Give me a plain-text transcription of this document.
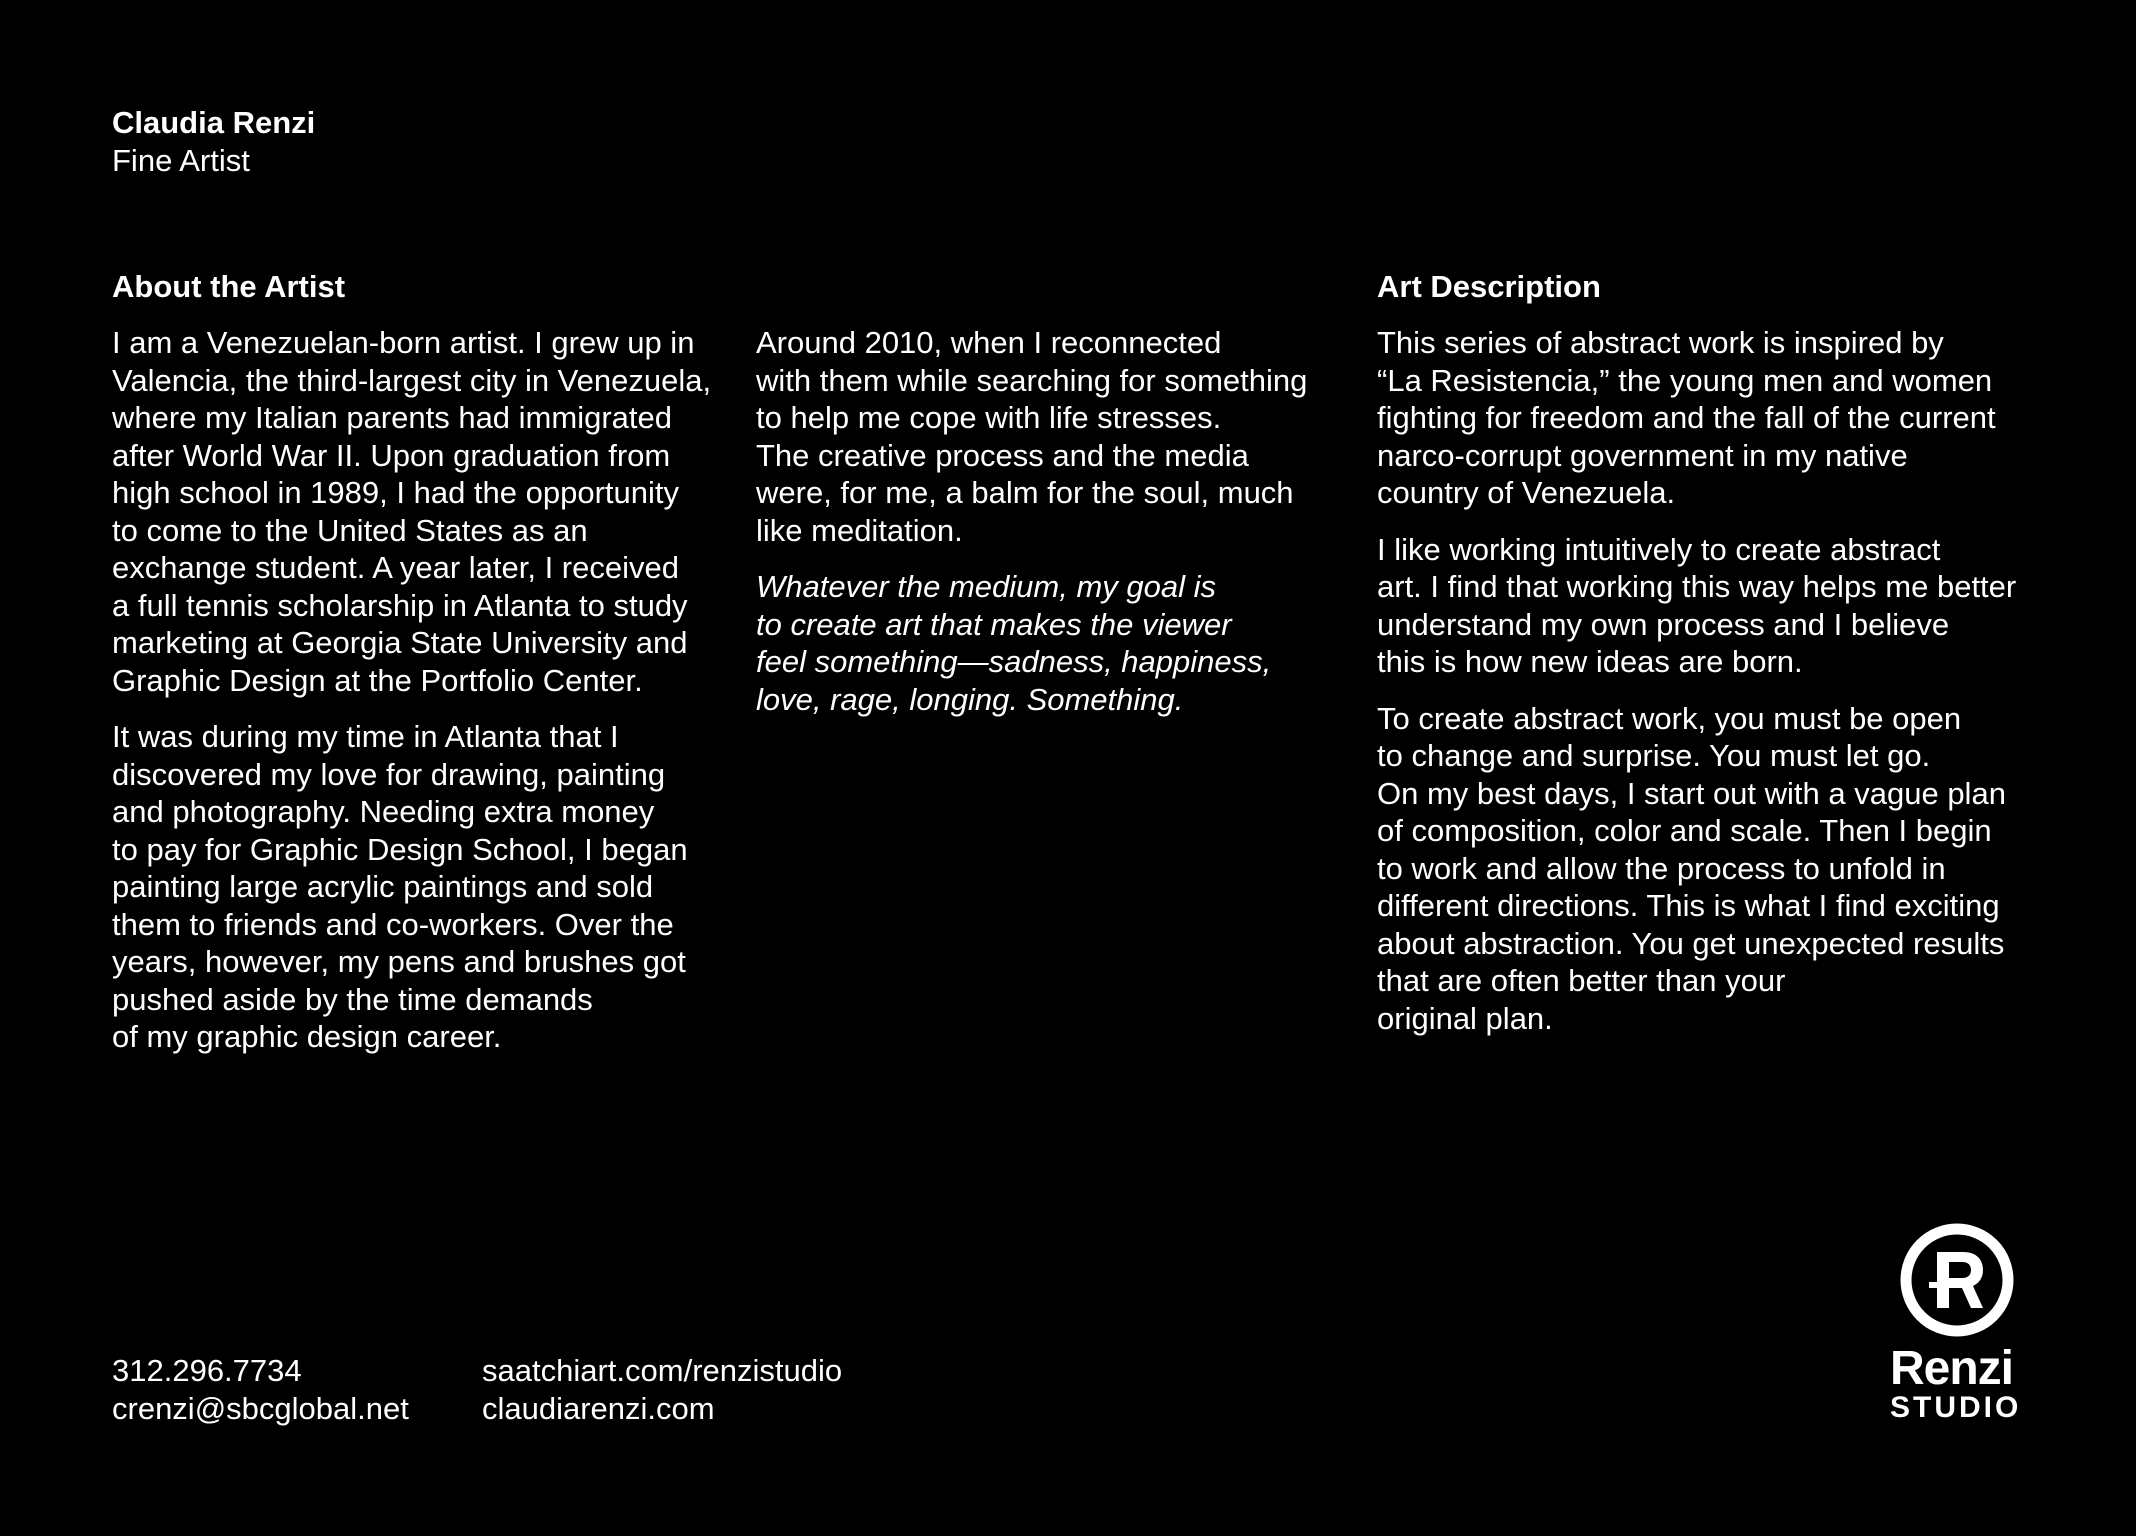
Claudia Renzi
Fine Artist
About the Artist	Art Description

I am a Venezuelan-born artist. I grew up in
Valencia, the third-largest city in Venezuela,
where my Italian parents had immigrated
after World War II. Upon graduation from
high school in 1989, I had the opportunity
to come to the United States as an
exchange student. A year later, I received
a full tennis scholarship in Atlanta to study
marketing at Georgia State University and
Graphic Design at the Portfolio Center.

It was during my time in Atlanta that I
discovered my love for drawing, painting
and photography. Needing extra money
to pay for Graphic Design School, I began
painting large acrylic paintings and sold
them to friends and co-workers. Over the
years, however, my pens and brushes got
pushed aside by the time demands
of my graphic design career.

Around 2010, when I reconnected
with them while searching for something
to help me cope with life stresses.
The creative process and the media
were, for me, a balm for the soul, much
like meditation.

Whatever the medium, my goal is
to create art that makes the viewer
feel something—sadness, happiness,
love, rage, longing. Something.

This series of abstract work is inspired by
“La Resistencia,” the young men and women
fighting for freedom and the fall of the current
narco-corrupt government in my native
country of Venezuela.

I like working intuitively to create abstract
art. I find that working this way helps me better
understand my own process and I believe
this is how new ideas are born.

To create abstract work, you must be open
to change and surprise. You must let go.
On my best days, I start out with a vague plan
of composition, color and scale. Then I begin
to work and allow the process to unfold in
different directions. This is what I find exciting
about abstraction. You get unexpected results
that are often better than your
original plan.

312.296.7734
crenzi@sbcglobal.net
saatchiart.com/renzistudio
claudiarenzi.com
Renzi
STUDIO
